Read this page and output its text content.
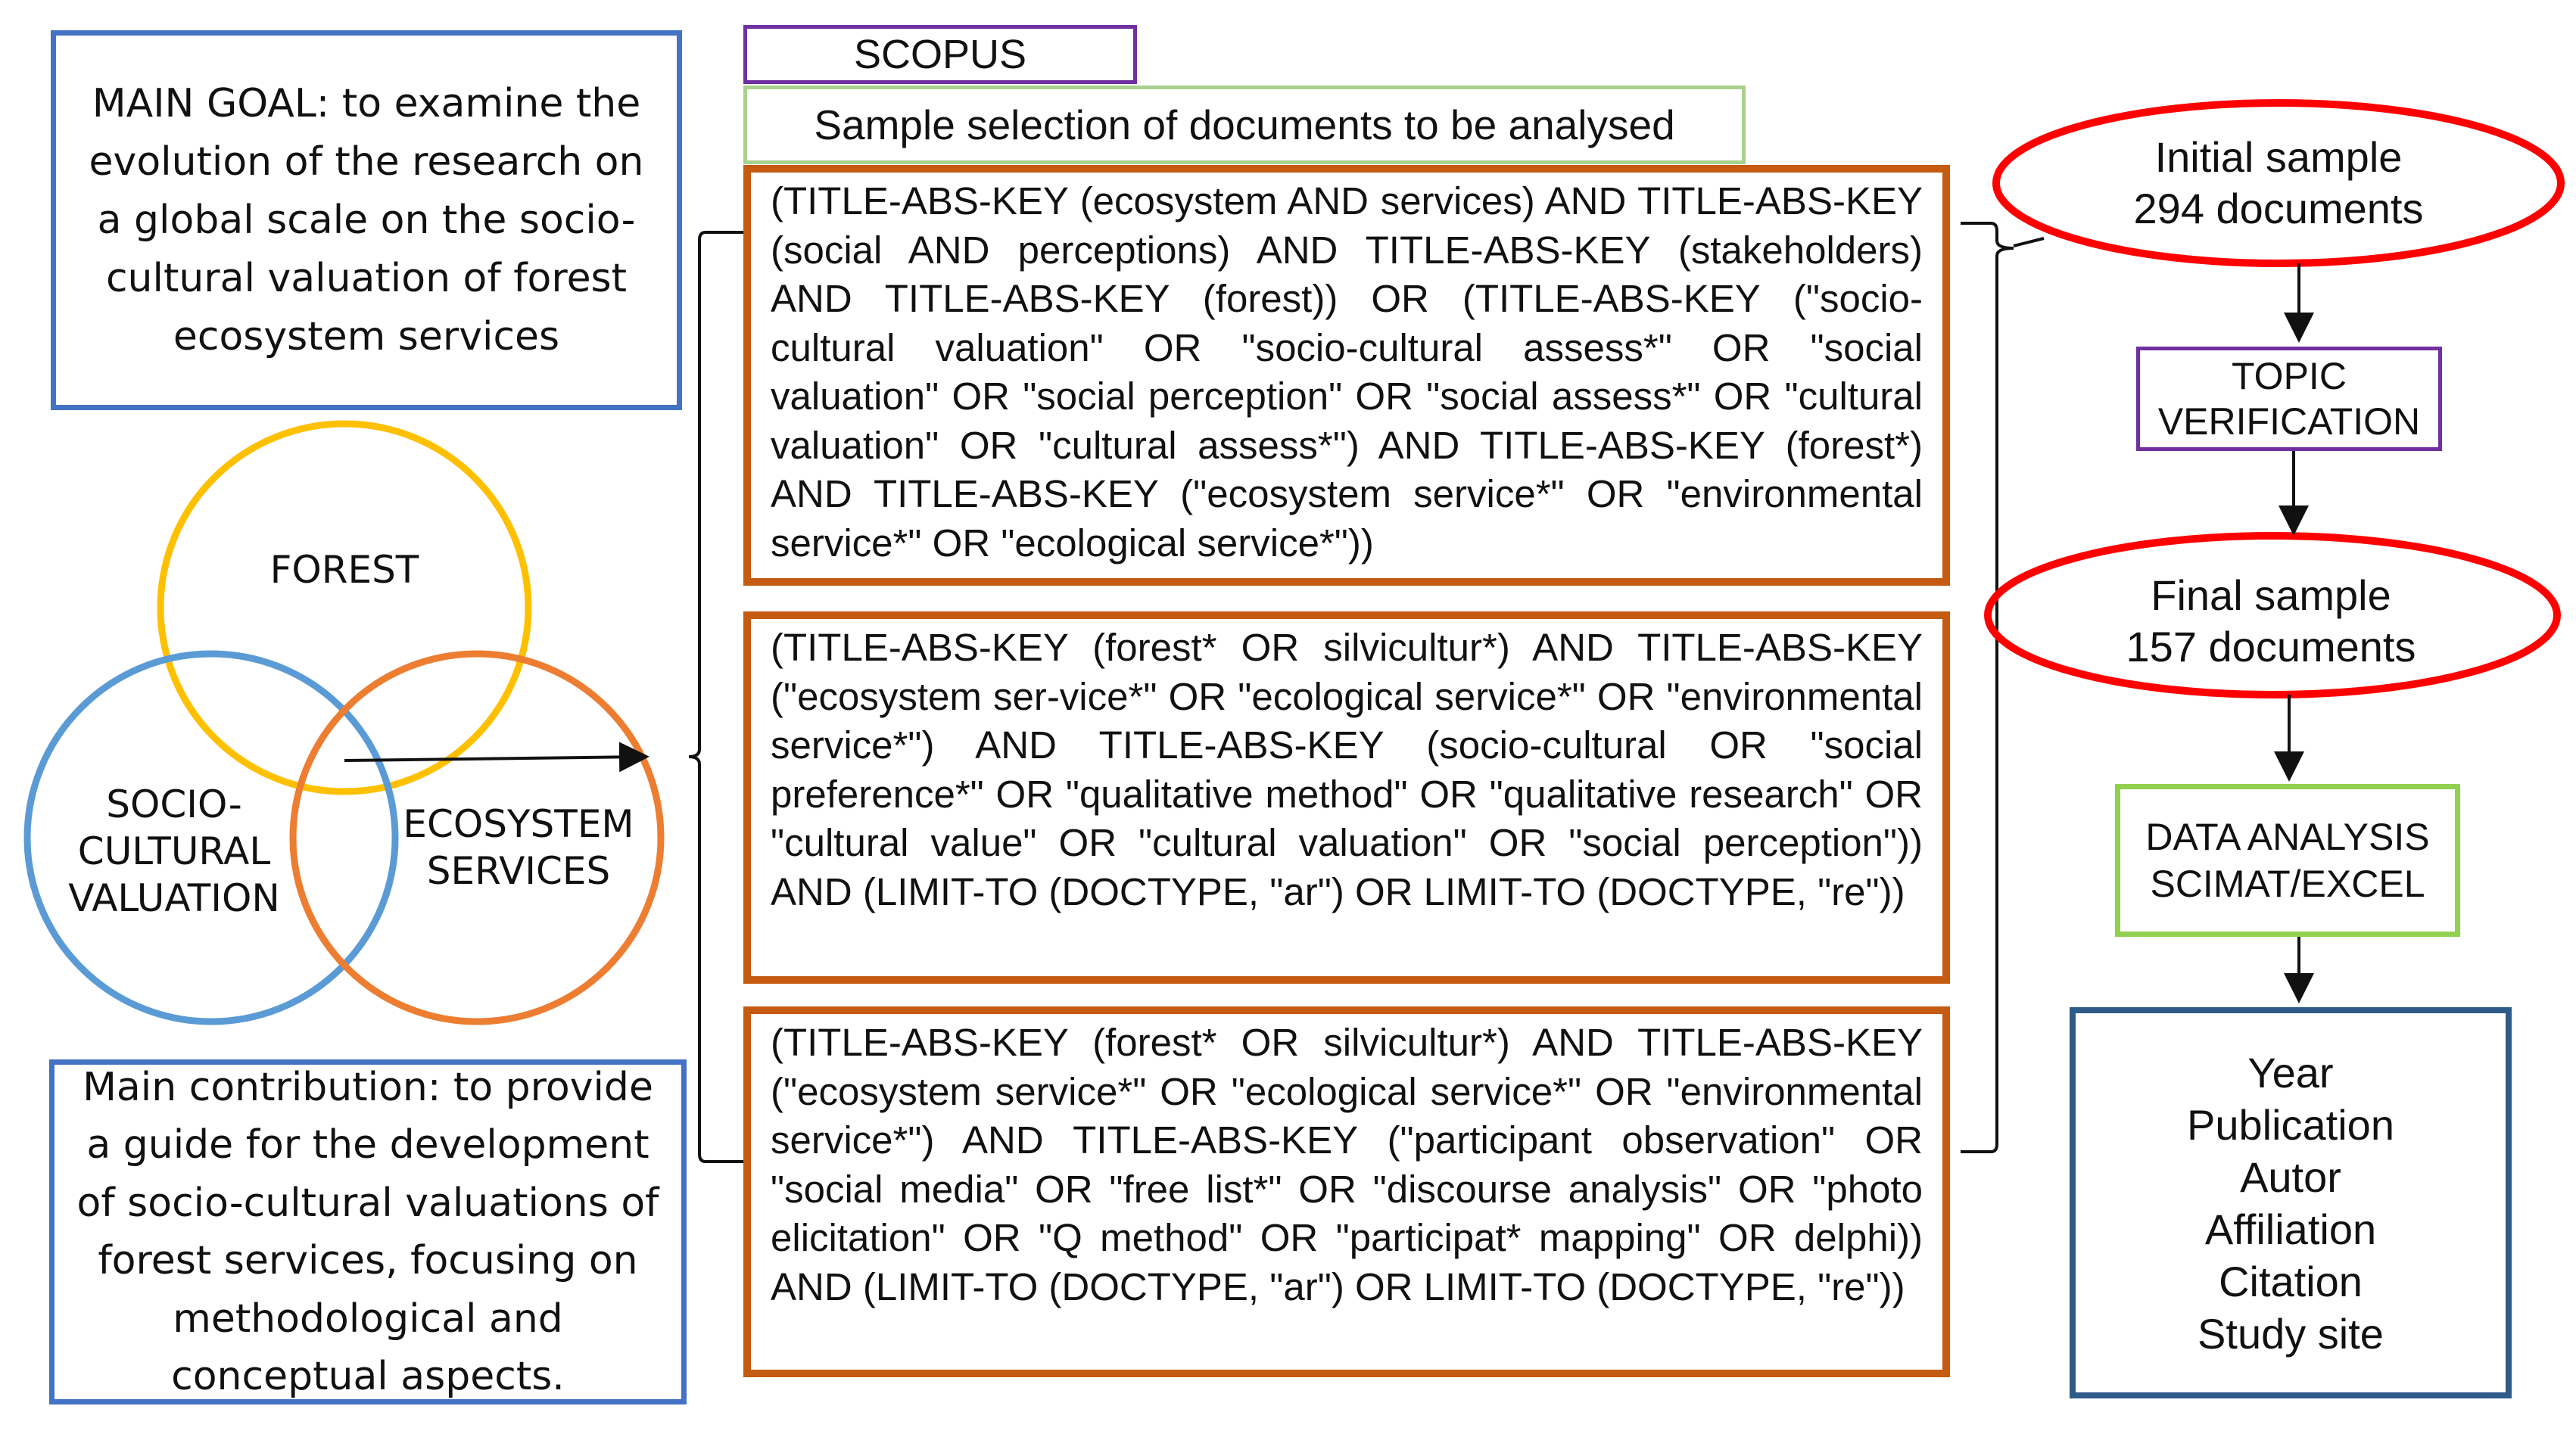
MAIN GOAL: to examine the
evolution of the research on
a global scale on the socio-
cultural valuation of forest
ecosystem services
FOREST
SOCIO-
CULTURAL
VALUATION
ECOSYSTEM
SERVICES
Main contribution: to provide
a guide for the development
of socio-cultural valuations of
forest services, focusing on
methodological and
conceptual aspects.
SCOPUS
Sample selection of documents to be analysed
(TITLE-ABS-KEY (ecosystem AND services) AND TITLE-ABS-KEY (social AND perceptions) AND TITLE-ABS-KEY (stakeholders) AND TITLE-ABS-KEY (forest)) OR (TITLE-ABS-KEY ("socio-cultural valuation" OR "socio-cultural assess*" OR "social valuation" OR "social perception" OR "social assess*" OR "cultural valuation" OR "cultural assess*") AND TITLE-ABS-KEY (forest*) AND TITLE-ABS-KEY ("ecosystem service*" OR "environmental service*" OR "ecological service*"))
(TITLE-ABS-KEY (forest* OR silvicultur*) AND TITLE-ABS-KEY ("ecosystem ser-vice*" OR "ecological service*" OR "environmental service*") AND TITLE-ABS-KEY (socio-cultural OR "social preference*" OR "qualitative method" OR "qualitative research" OR "cultural value" OR "cultural valuation" OR "social perception")) AND (LIMIT-TO (DOCTYPE, "ar") OR LIMIT-TO (DOCTYPE, "re"))
(TITLE-ABS-KEY (forest* OR silvicultur*) AND TITLE-ABS-KEY ("ecosystem service*" OR "ecological service*" OR "environmental service*") AND TITLE-ABS-KEY ("participant observation" OR "social media" OR "free list*" OR "discourse analysis" OR "photo elicitation" OR "Q method" OR "participat* mapping" OR delphi)) AND (LIMIT-TO (DOCTYPE, "ar") OR LIMIT-TO (DOCTYPE, "re"))
Initial sample
294 documents
Final sample
157 documents
TOPIC
VERIFICATION
DATA ANALYSIS
SCIMAT/EXCEL
Year
Publication
Autor
Affiliation
Citation
Study site
